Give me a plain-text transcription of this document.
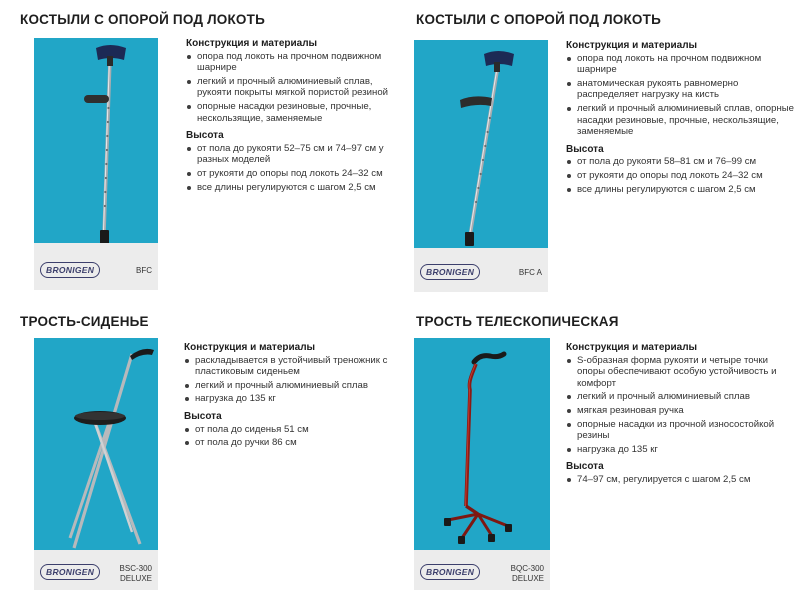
КОСТЫЛИ С ОПОРОЙ ПОД ЛОКОТЬ
BRONIGEN	BFC
Конструкция и материалы
опора под локоть на прочном подвижном шарнире
легкий и прочный алюминиевый сплав, рукояти покрыты мягкой пористой резиной
опорные насадки резиновые, прочные, нескользящие, заменяемые
Высота
от пола до рукояти 52–75 см и 74–97 см у разных моделей
от рукояти до опоры под локоть 24–32 см
все длины регулируются с шагом 2,5 см
КОСТЫЛИ С ОПОРОЙ ПОД ЛОКОТЬ
BRONIGEN	BFC A
Конструкция и материалы
опора под локоть на прочном подвижном шарнире
анатомическая рукоять равномерно распределяет нагрузку на кисть
легкий и прочный алюминиевый сплав, опорные насадки резиновые, прочные, нескользящие, заменяемые
Высота
от пола до рукояти 58–81 см и 76–99 см
от рукояти до опоры под локоть 24–32 см
все длины регулируются с шагом 2,5 см
ТРОСТЬ-СИДЕНЬЕ
BRONIGEN	BSC-300
DELUXE
Конструкция и материалы
раскладывается в устойчивый треножник с пластиковым сиденьем
легкий и прочный алюминиевый сплав
нагрузка до 135 кг
Высота
от пола до сиденья 51 см
от пола до ручки 86 см
ТРОСТЬ ТЕЛЕСКОПИЧЕСКАЯ
BRONIGEN	BQC-300
DELUXE
Конструкция и материалы
S-образная форма рукояти и четыре точки опоры обеспечивают особую устойчивость и комфорт
легкий и прочный алюминиевый сплав
мягкая резиновая ручка
опорные насадки из прочной износостойкой резины
нагрузка до 135 кг
Высота
74–97 см, регулируется с шагом 2,5 см
